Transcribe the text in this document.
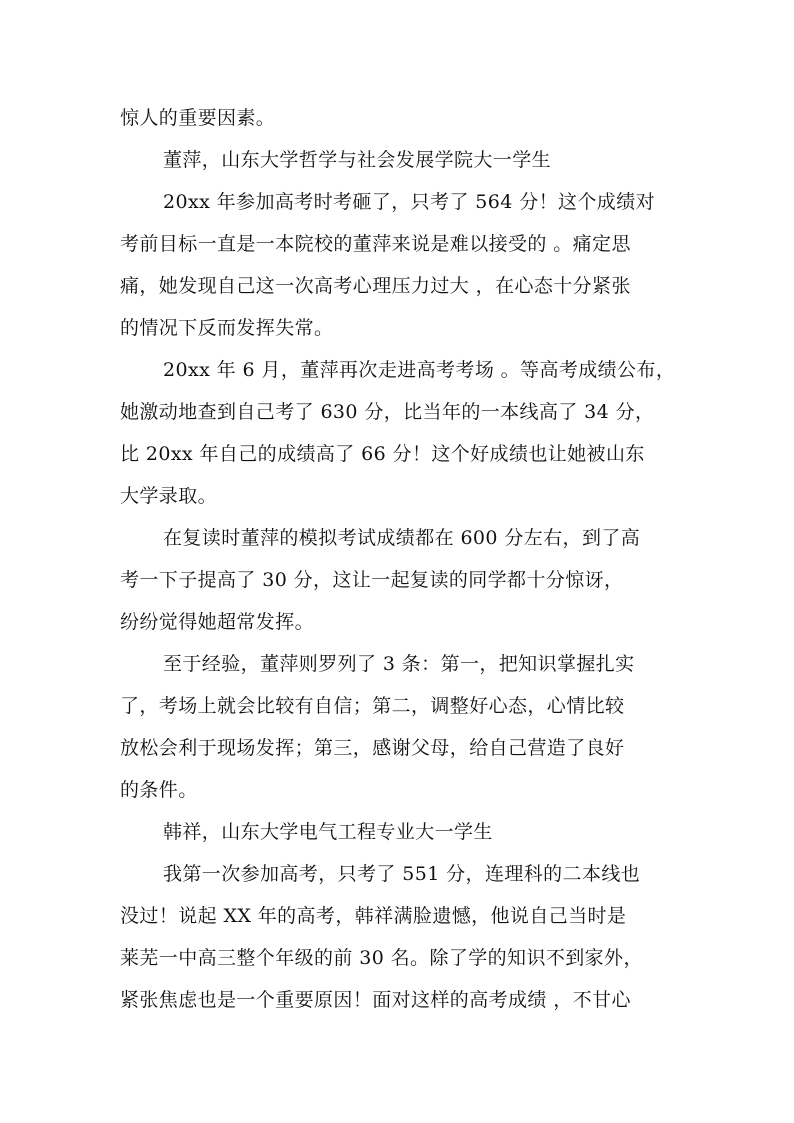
惊人的重要因素。
董萍，山东大学哲学与社会发展学院大一学生
20xx 年参加高考时考砸了，只考了 564 分！这个成绩对
考前目标一直是一本院校的董萍来说是难以接受的 。痛定思
痛，她发现自己这一次高考心理压力过大 ，在心态十分紧张
的情况下反而发挥失常。
20xx 年 6 月，董萍再次走进高考考场 。等高考成绩公布，
她激动地查到自己考了 630 分，比当年的一本线高了 34 分，
比 20xx 年自己的成绩高了 66 分！这个好成绩也让她被山东
大学录取。
在复读时董萍的模拟考试成绩都在 600 分左右，到了高
考一下子提高了 30 分，这让一起复读的同学都十分惊讶，
纷纷觉得她超常发挥。
至于经验，董萍则罗列了 3 条：第一，把知识掌握扎实
了，考场上就会比较有自信；第二，调整好心态，心情比较
放松会利于现场发挥；第三，感谢父母，给自己营造了良好
的条件。
韩祥，山东大学电气工程专业大一学生
我第一次参加高考，只考了 551 分，连理科的二本线也
没过！说起 XX 年的高考，韩祥满脸遗憾，他说自己当时是
莱芜一中高三整个年级的前 30 名。除了学的知识不到家外，
紧张焦虑也是一个重要原因！面对这样的高考成绩 ，不甘心
